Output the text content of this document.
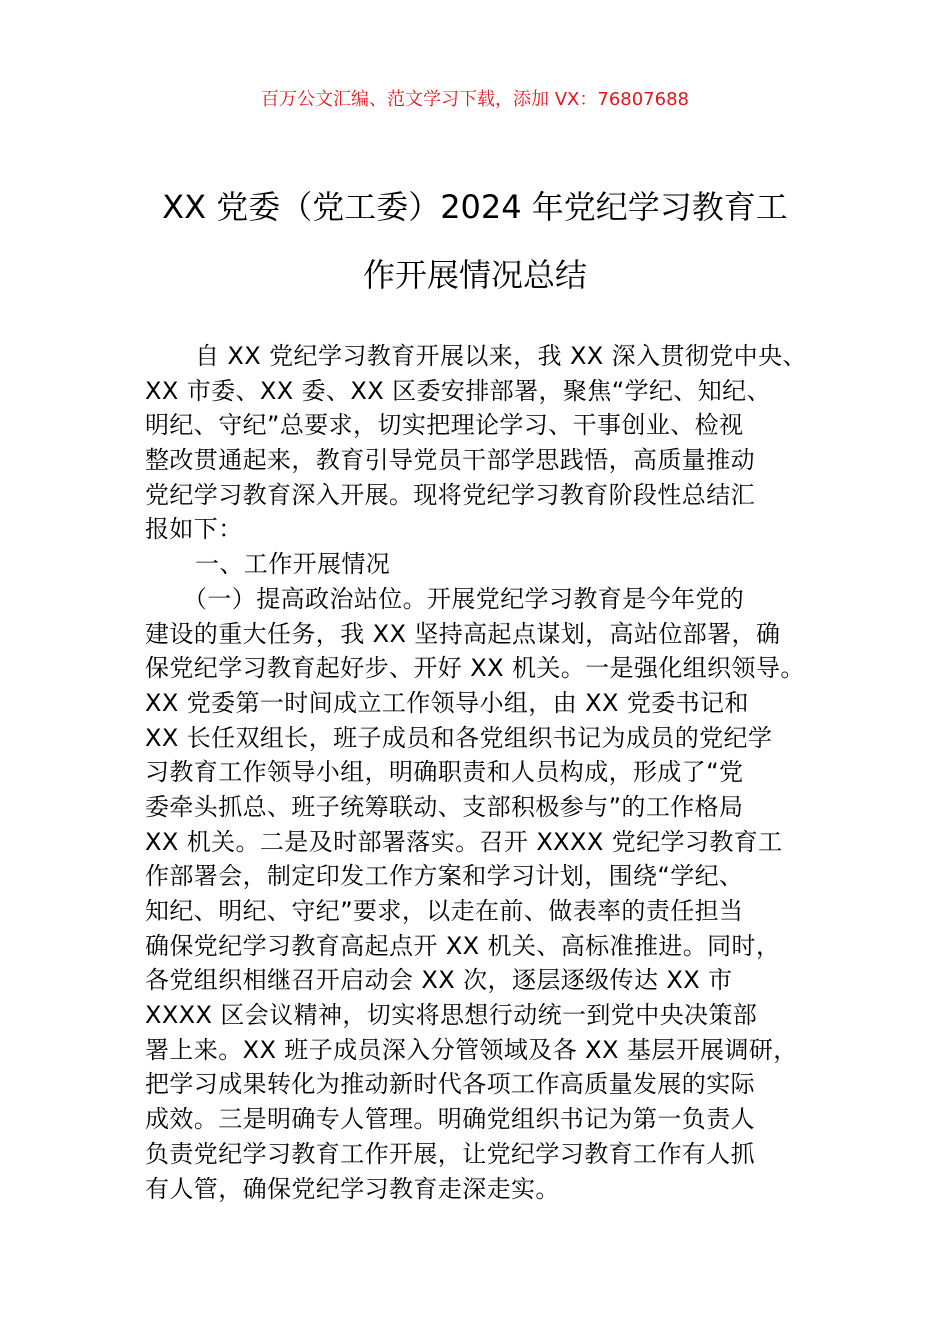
百万公文汇编、范文学习下载，添加 VX：76807688
XX 党委（党工委）2024 年党纪学习教育工
作开展情况总结
自 XX 党纪学习教育开展以来，我 XX 深入贯彻党中央、
XX 市委、XX 委、XX 区委安排部署，聚焦“学纪、知纪、
明纪、守纪”总要求，切实把理论学习、干事创业、检视
整改贯通起来，教育引导党员干部学思践悟，高质量推动
党纪学习教育深入开展。现将党纪学习教育阶段性总结汇
报如下：
一、工作开展情况
（一）提高政治站位。开展党纪学习教育是今年党的
建设的重大任务，我 XX 坚持高起点谋划，高站位部署，确
保党纪学习教育起好步、开好 XX 机关。一是强化组织领导。
XX 党委第一时间成立工作领导小组，由 XX 党委书记和
XX 长任双组长，班子成员和各党组织书记为成员的党纪学
习教育工作领导小组，明确职责和人员构成，形成了“党
委牵头抓总、班子统筹联动、支部积极参与”的工作格局
XX 机关。二是及时部署落实。召开 XXXX 党纪学习教育工
作部署会，制定印发工作方案和学习计划，围绕“学纪、
知纪、明纪、守纪”要求，以走在前、做表率的责任担当
确保党纪学习教育高起点开 XX 机关、高标准推进。同时，
各党组织相继召开启动会 XX 次，逐层逐级传达 XX 市
XXXX 区会议精神，切实将思想行动统一到党中央决策部
署上来。XX 班子成员深入分管领域及各 XX 基层开展调研，
把学习成果转化为推动新时代各项工作高质量发展的实际
成效。三是明确专人管理。明确党组织书记为第一负责人
负责党纪学习教育工作开展，让党纪学习教育工作有人抓
有人管，确保党纪学习教育走深走实。
